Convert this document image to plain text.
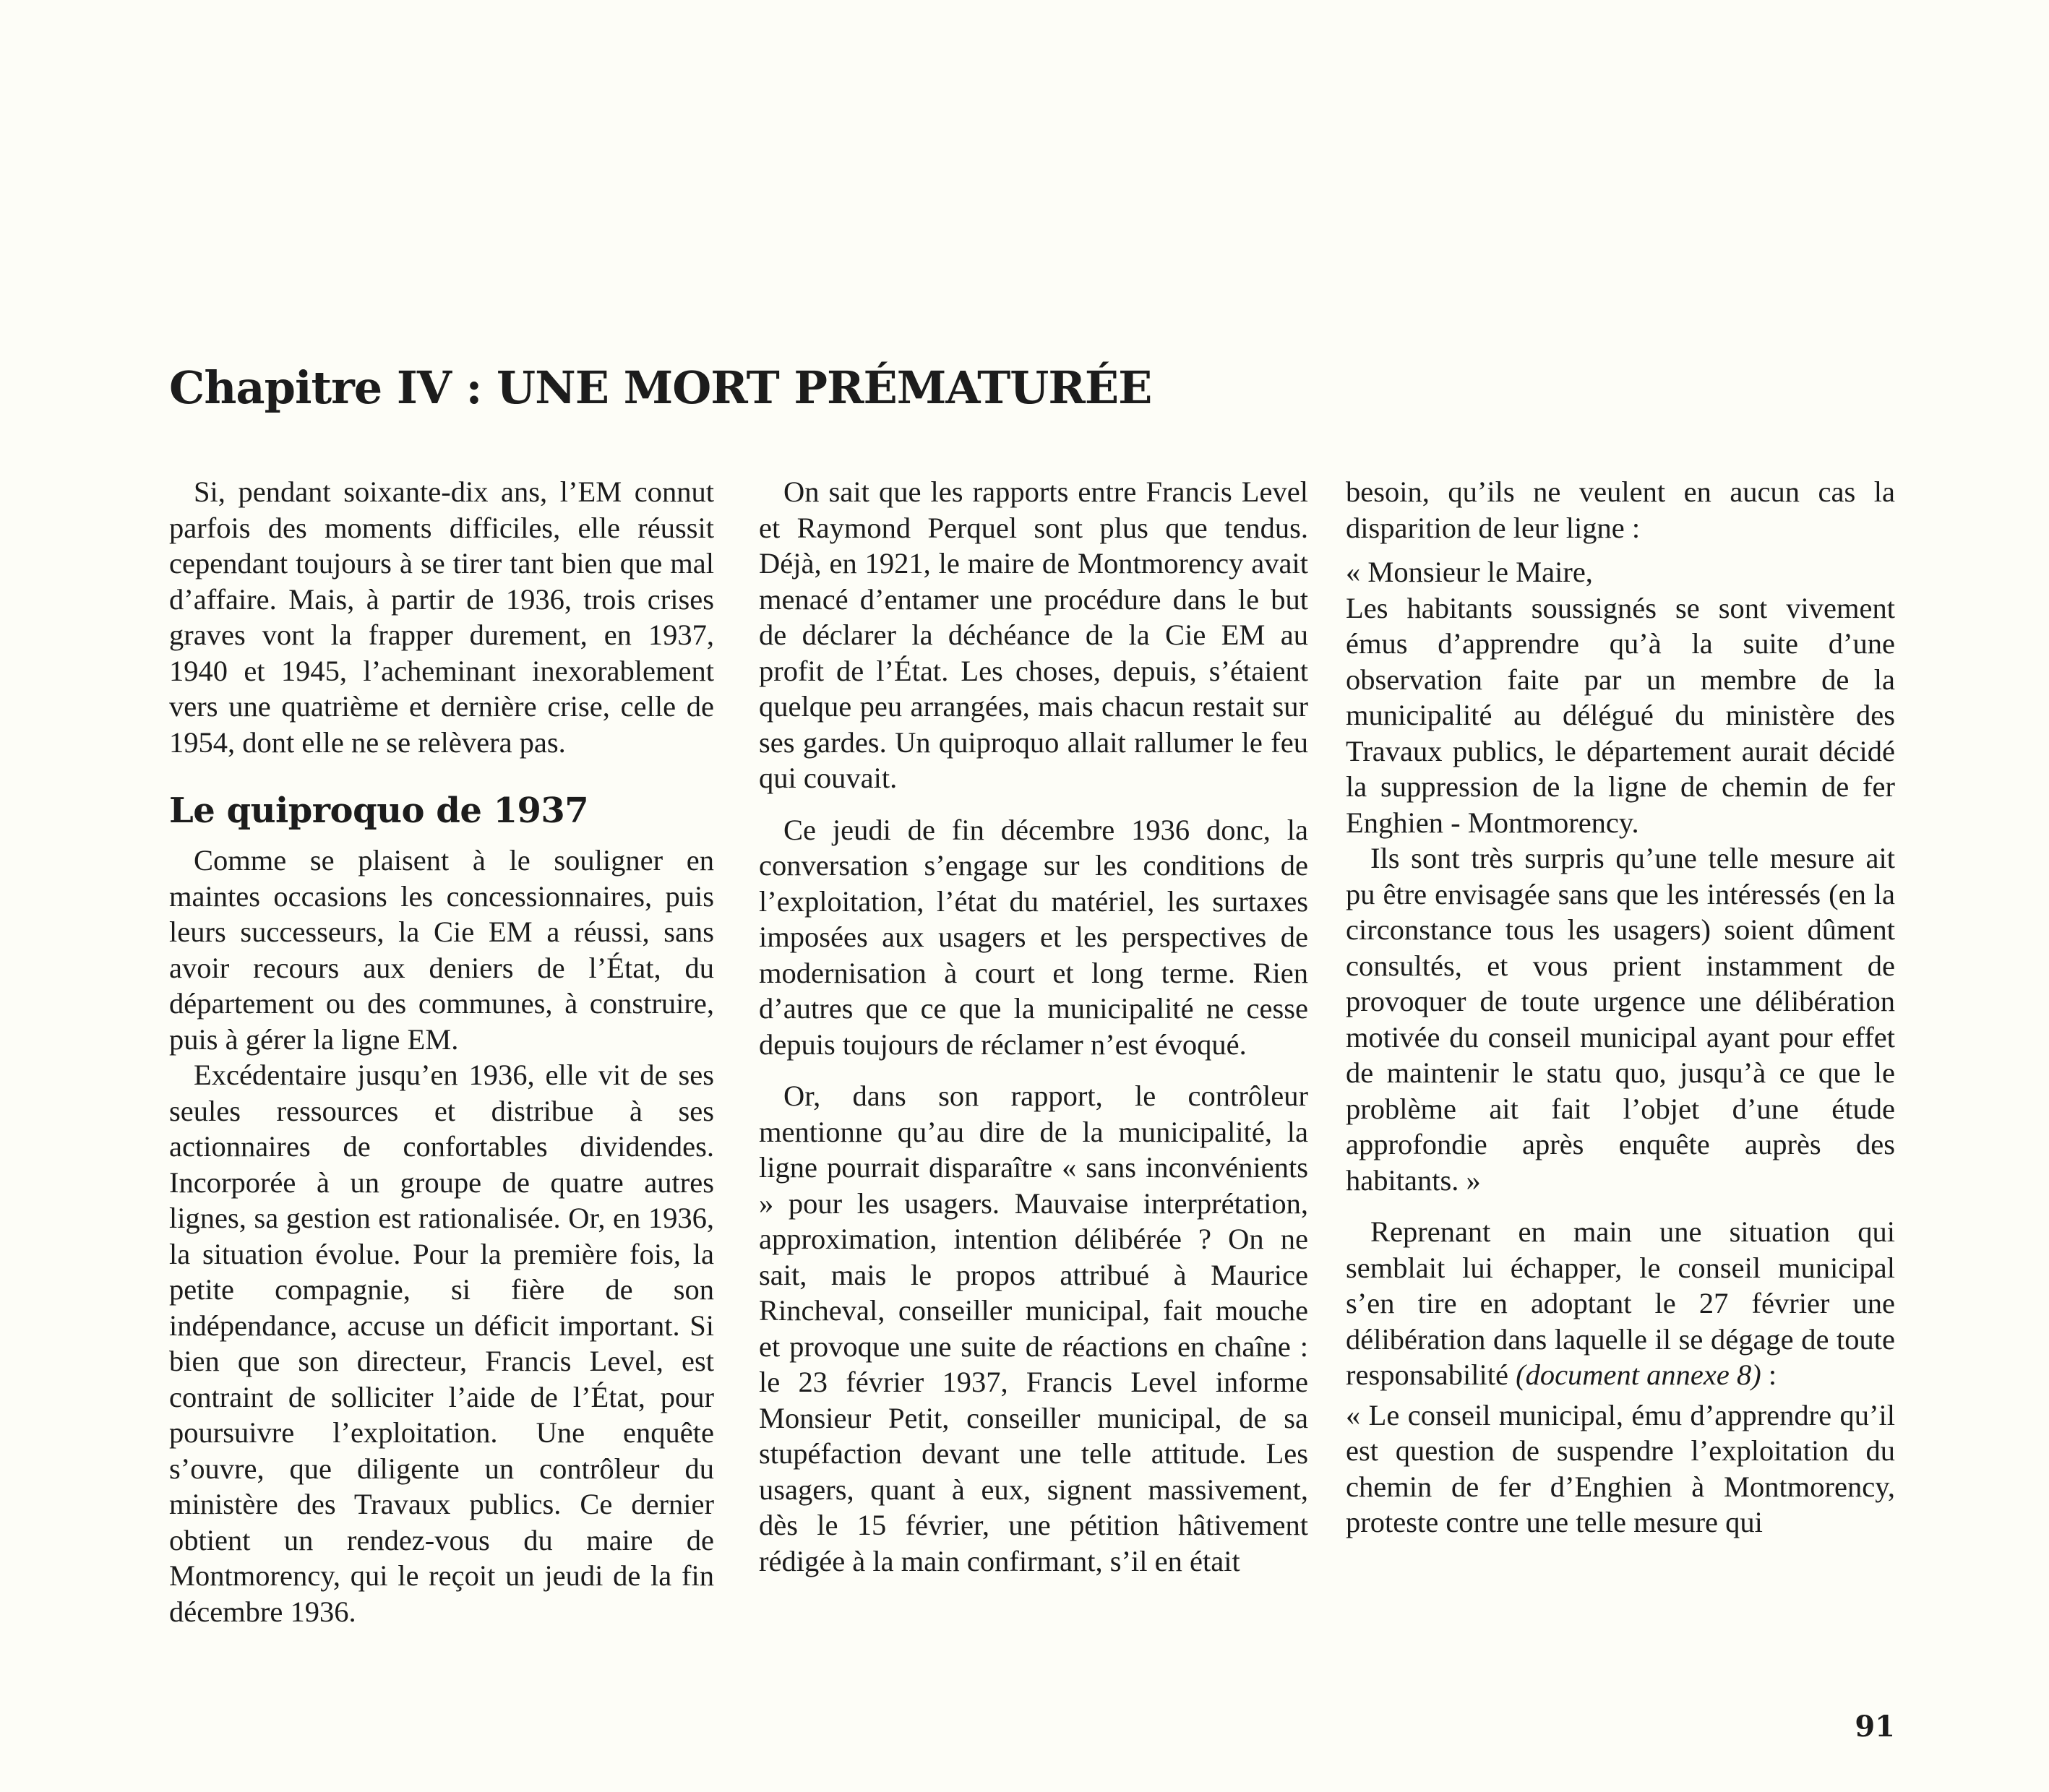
Chapitre IV : UNE MORT PRÉMATURÉE

Si, pendant soixante-dix ans, l’EM connut parfois des moments difficiles, elle réussit cependant toujours à se tirer tant bien que mal d’affaire. Mais, à partir de 1936, trois crises graves vont la frapper durement, en 1937, 1940 et 1945, l’acheminant inexorablement vers une quatrième et dernière crise, celle de 1954, dont elle ne se relèvera pas.

Le quiproquo de 1937

Comme se plaisent à le souligner en maintes occasions les concessionnaires, puis leurs successeurs, la Cie EM a réussi, sans avoir recours aux deniers de l’État, du département ou des communes, à construire, puis à gérer la ligne EM.

Excédentaire jusqu’en 1936, elle vit de ses seules ressources et distribue à ses actionnaires de confortables dividendes. Incorporée à un groupe de quatre autres lignes, sa gestion est rationalisée. Or, en 1936, la situation évolue. Pour la première fois, la petite compagnie, si fière de son indépendance, accuse un déficit important. Si bien que son directeur, Francis Level, est contraint de solliciter l’aide de l’État, pour poursuivre l’exploitation. Une enquête s’ouvre, que diligente un contrôleur du ministère des Travaux publics. Ce dernier obtient un rendez-vous du maire de Montmorency, qui le reçoit un jeudi de la fin décembre 1936.

On sait que les rapports entre Francis Level et Raymond Perquel sont plus que tendus. Déjà, en 1921, le maire de Montmorency avait menacé d’entamer une procédure dans le but de déclarer la déchéance de la Cie EM au profit de l’État. Les choses, depuis, s’étaient quelque peu arrangées, mais chacun restait sur ses gardes. Un quiproquo allait rallumer le feu qui couvait.

Ce jeudi de fin décembre 1936 donc, la conversation s’engage sur les conditions de l’exploitation, l’état du matériel, les surtaxes imposées aux usagers et les perspectives de modernisation à court et long terme. Rien d’autres que ce que la municipalité ne cesse depuis toujours de réclamer n’est évoqué.

Or, dans son rapport, le contrôleur mentionne qu’au dire de la municipalité, la ligne pourrait disparaître « sans inconvénients » pour les usagers. Mauvaise interprétation, approximation, intention délibérée ? On ne sait, mais le propos attribué à Maurice Rincheval, conseiller municipal, fait mouche et provoque une suite de réactions en chaîne : le 23 février 1937, Francis Level informe Monsieur Petit, conseiller municipal, de sa stupéfaction devant une telle attitude. Les usagers, quant à eux, signent massivement, dès le 15 février, une pétition hâtivement rédigée à la main confirmant, s’il en était

besoin, qu’ils ne veulent en aucun cas la disparition de leur ligne :

« Monsieur le Maire,

Les habitants soussignés se sont vivement émus d’apprendre qu’à la suite d’une observation faite par un membre de la municipalité au délégué du ministère des Travaux publics, le département aurait décidé la suppression de la ligne de chemin de fer Enghien - Montmorency.

Ils sont très surpris qu’une telle mesure ait pu être envisagée sans que les intéressés (en la circonstance tous les usagers) soient dûment consultés, et vous prient instamment de provoquer de toute urgence une délibération motivée du conseil municipal ayant pour effet de maintenir le statu quo, jusqu’à ce que le problème ait fait l’objet d’une étude approfondie après enquête auprès des habitants. »

Reprenant en main une situation qui semblait lui échapper, le conseil municipal s’en tire en adoptant le 27 février une délibération dans laquelle il se dégage de toute responsabilité (document annexe 8) :

« Le conseil municipal, ému d’apprendre qu’il est question de suspendre l’exploitation du chemin de fer d’Enghien à Montmorency, proteste contre une telle mesure qui

91
